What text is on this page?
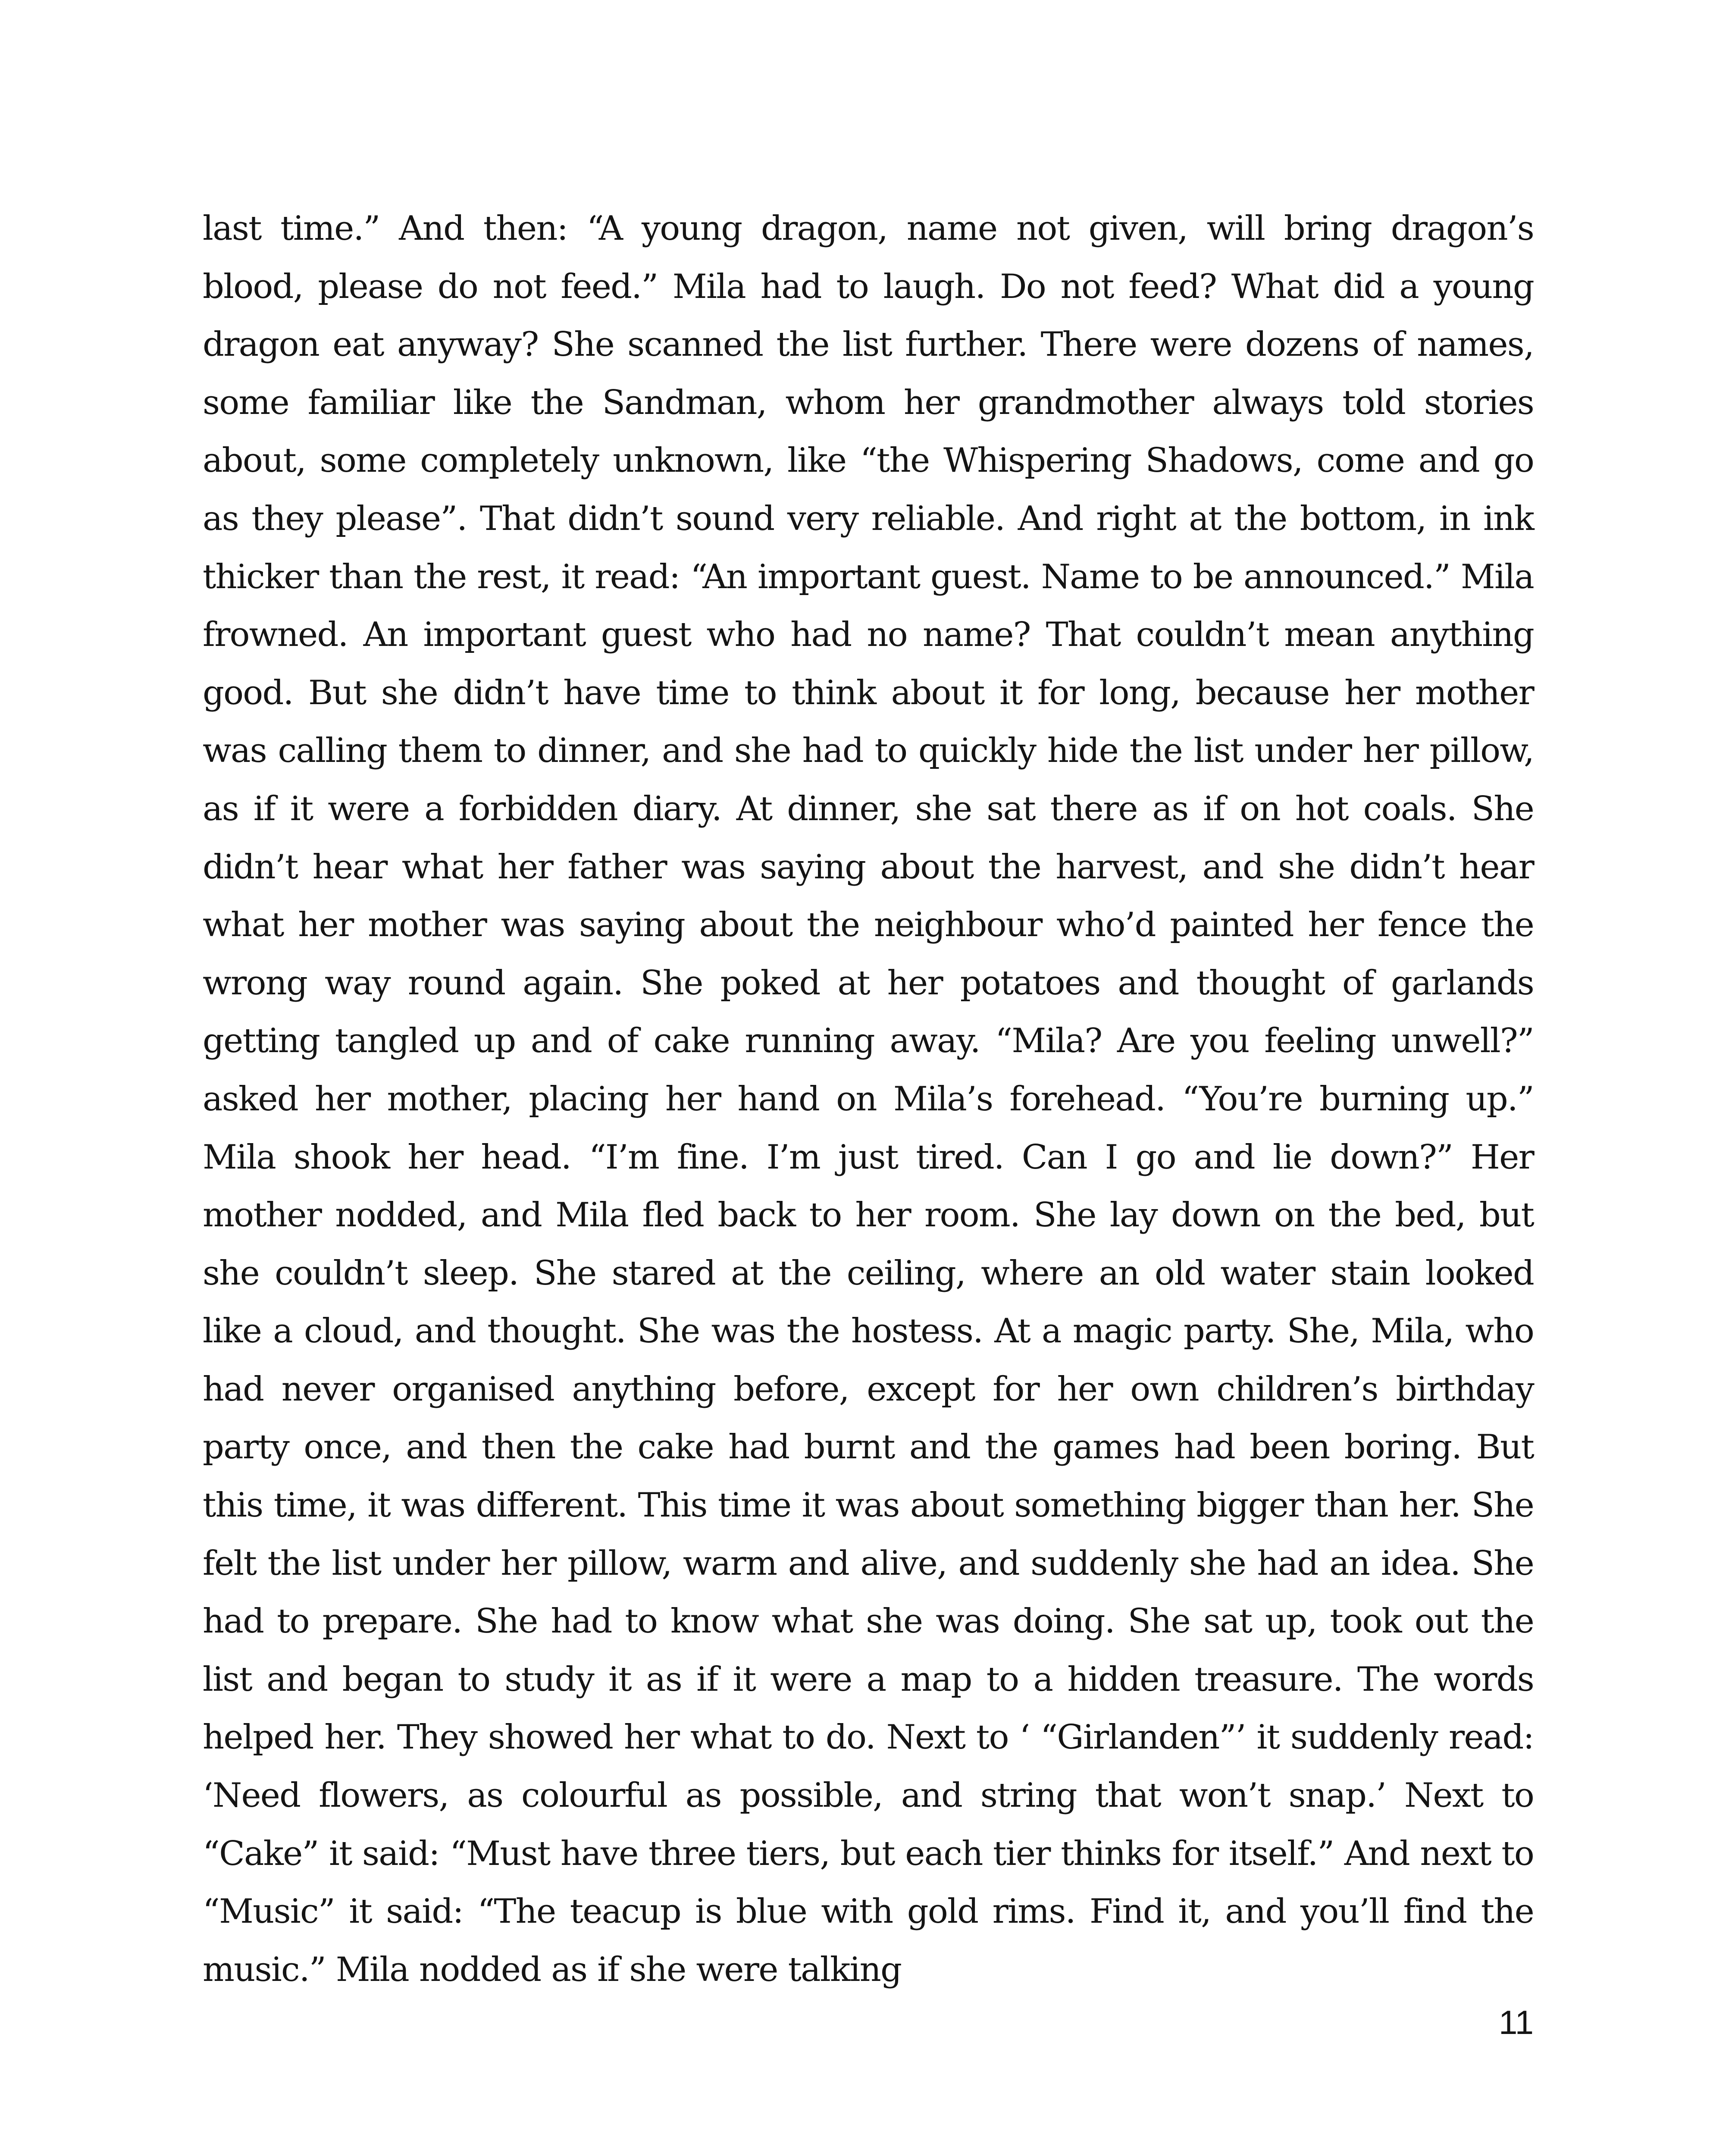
last time.” And then: “A young dragon, name not given, will bring dragon’s blood, please do not feed.” Mila had to laugh. Do not feed? What did a young dragon eat anyway? She scanned the list further. There were dozens of names, some familiar like the Sandman, whom her grandmother always told stories about, some completely unknown, like “the Whispering Shadows, come and go as they please”. That didn’t sound very reliable. And right at the bottom, in ink thicker than the rest, it read: “An important guest. Name to be announced.” Mila frowned. An important guest who had no name? That couldn’t mean anything good. But she didn’t have time to think about it for long, because her mother was calling them to dinner, and she had to quickly hide the list under her pillow, as if it were a forbidden diary. At dinner, she sat there as if on hot coals. She didn’t hear what her father was saying about the harvest, and she didn’t hear what her mother was saying about the neighbour who’d painted her fence the wrong way round again. She poked at her potatoes and thought of garlands getting tangled up and of cake running away. “Mila? Are you feeling unwell?” asked her mother, placing her hand on Mila’s forehead. “You’re burning up.” Mila shook her head. “I’m fine. I’m just tired. Can I go and lie down?” Her mother nodded, and Mila fled back to her room. She lay down on the bed, but she couldn’t sleep. She stared at the ceiling, where an old water stain looked like a cloud, and thought. She was the hostess. At a magic party. She, Mila, who had never organised anything before, except for her own children’s birthday party once, and then the cake had burnt and the games had been boring. But this time, it was different. This time it was about something bigger than her. She felt the list under her pillow, warm and alive, and suddenly she had an idea. She had to prepare. She had to know what she was doing. She sat up, took out the list and began to study it as if it were a map to a hidden treasure. The words helped her. They showed her what to do. Next to ‘ “Girlanden”’ it suddenly read: ‘Need flowers, as colourful as possible, and string that won’t snap.’ Next to “Cake” it said: “Must have three tiers, but each tier thinks for itself.” And next to “Music” it said: “The teacup is blue with gold rims. Find it, and you’ll find the music.” Mila nodded as if she were talking

11
